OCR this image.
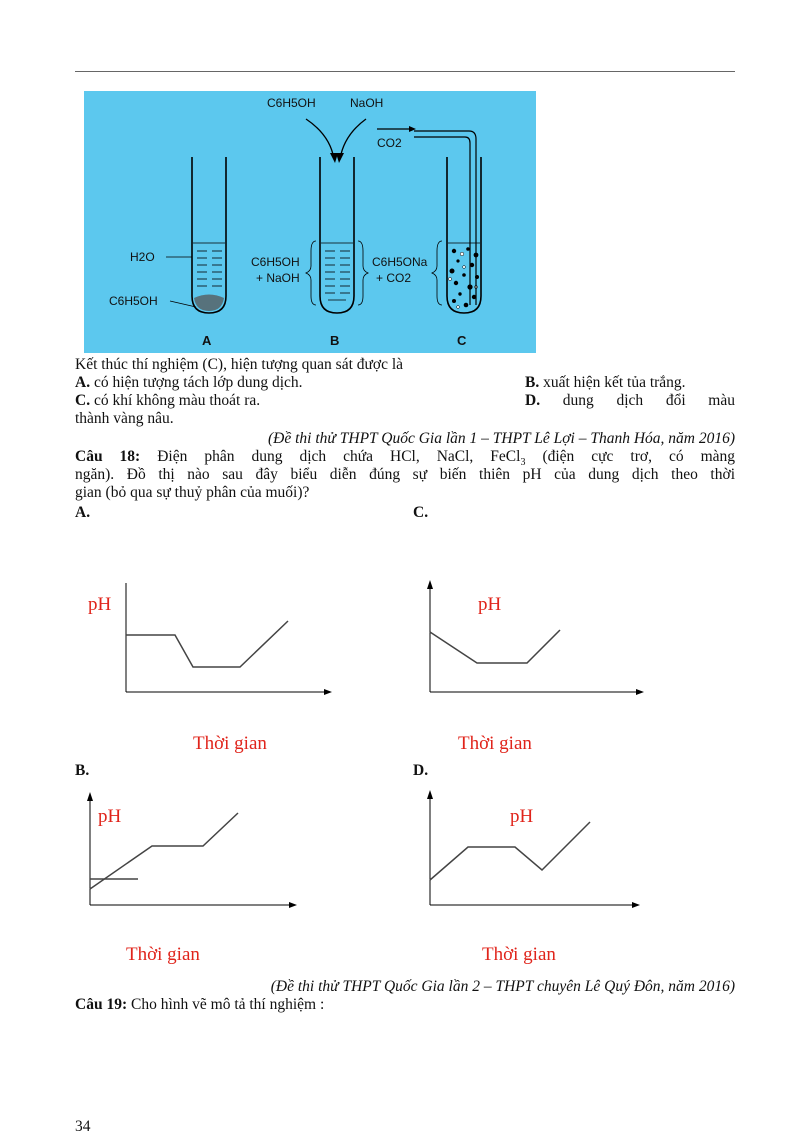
C6H5OH	NaOH
CO2
H2O
C6H5OH
C6H5OH
+ NaOH
C6H5ONa
+ CO2
A	B	C
Kết thúc thí nghiệm (C), hiện tượng quan sát được là
A. có hiện tượng tách lớp dung dịch.	B. xuất hiện kết tủa trắng.
C. có khí không màu thoát ra.	D. dung dịch đổi màu
thành vàng nâu.
(Đề thi thử THPT Quốc Gia lần 1 – THPT Lê Lợi – Thanh Hóa, năm 2016)
Câu 18: Điện phân dung dịch chứa HCl, NaCl, FeCl$_3$ (điện cực trơ, có màng
ngăn). Đồ thị nào sau đây biểu diễn đúng sự biến thiên pH của dung dịch theo thời
gian (bỏ qua sự thuỷ phân của muối)?
A.	C.
B.	D.
pH
Thời gian
pH
Thời gian
pH
Thời gian
pH
Thời gian
(Đề thi thử THPT Quốc Gia lần 2 – THPT chuyên Lê Quý Đôn, năm 2016)
Câu 19: Cho hình vẽ mô tả thí nghiệm :
34
